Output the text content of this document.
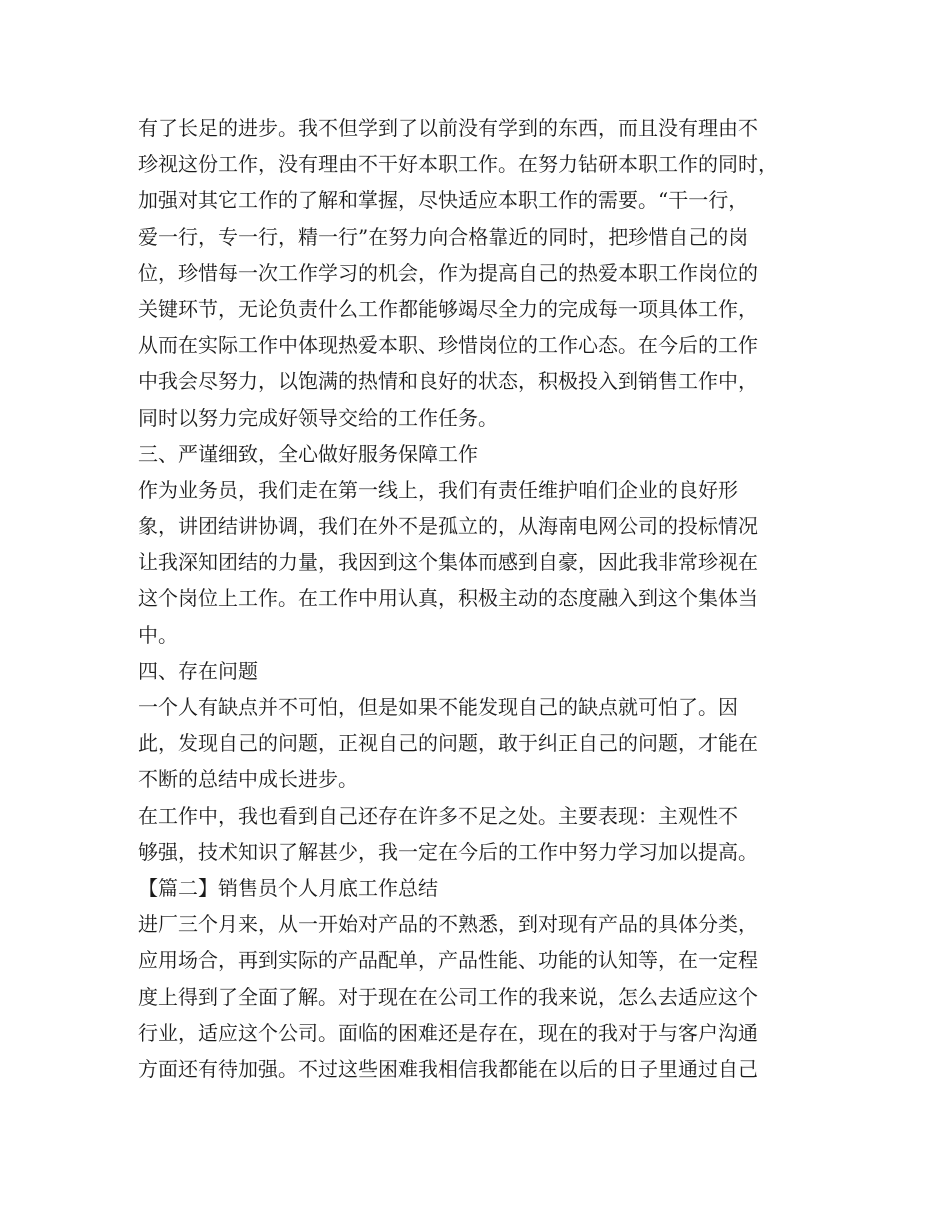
有了长足的进步。我不但学到了以前没有学到的东西，而且没有理由不
珍视这份工作，没有理由不干好本职工作。在努力钻研本职工作的同时，
加强对其它工作的了解和掌握，尽快适应本职工作的需要。“干一行，
爱一行，专一行，精一行”在努力向合格靠近的同时，把珍惜自己的岗
位，珍惜每一次工作学习的机会，作为提高自己的热爱本职工作岗位的
关键环节，无论负责什么工作都能够竭尽全力的完成每一项具体工作，
从而在实际工作中体现热爱本职、珍惜岗位的工作心态。在今后的工作
中我会尽努力，以饱满的热情和良好的状态，积极投入到销售工作中，
同时以努力完成好领导交给的工作任务。
三、严谨细致，全心做好服务保障工作
作为业务员，我们走在第一线上，我们有责任维护咱们企业的良好形
象，讲团结讲协调，我们在外不是孤立的，从海南电网公司的投标情况
让我深知团结的力量，我因到这个集体而感到自豪，因此我非常珍视在
这个岗位上工作。在工作中用认真，积极主动的态度融入到这个集体当
中。
四、存在问题
一个人有缺点并不可怕，但是如果不能发现自己的缺点就可怕了。因
此，发现自己的问题，正视自己的问题，敢于纠正自己的问题，才能在
不断的总结中成长进步。
在工作中，我也看到自己还存在许多不足之处。主要表现：主观性不
够强，技术知识了解甚少，我一定在今后的工作中努力学习加以提高。
【篇二】销售员个人月底工作总结
进厂三个月来，从一开始对产品的不熟悉，到对现有产品的具体分类，
应用场合，再到实际的产品配单，产品性能、功能的认知等，在一定程
度上得到了全面了解。对于现在在公司工作的我来说，怎么去适应这个
行业，适应这个公司。面临的困难还是存在，现在的我对于与客户沟通
方面还有待加强。不过这些困难我相信我都能在以后的日子里通过自己
